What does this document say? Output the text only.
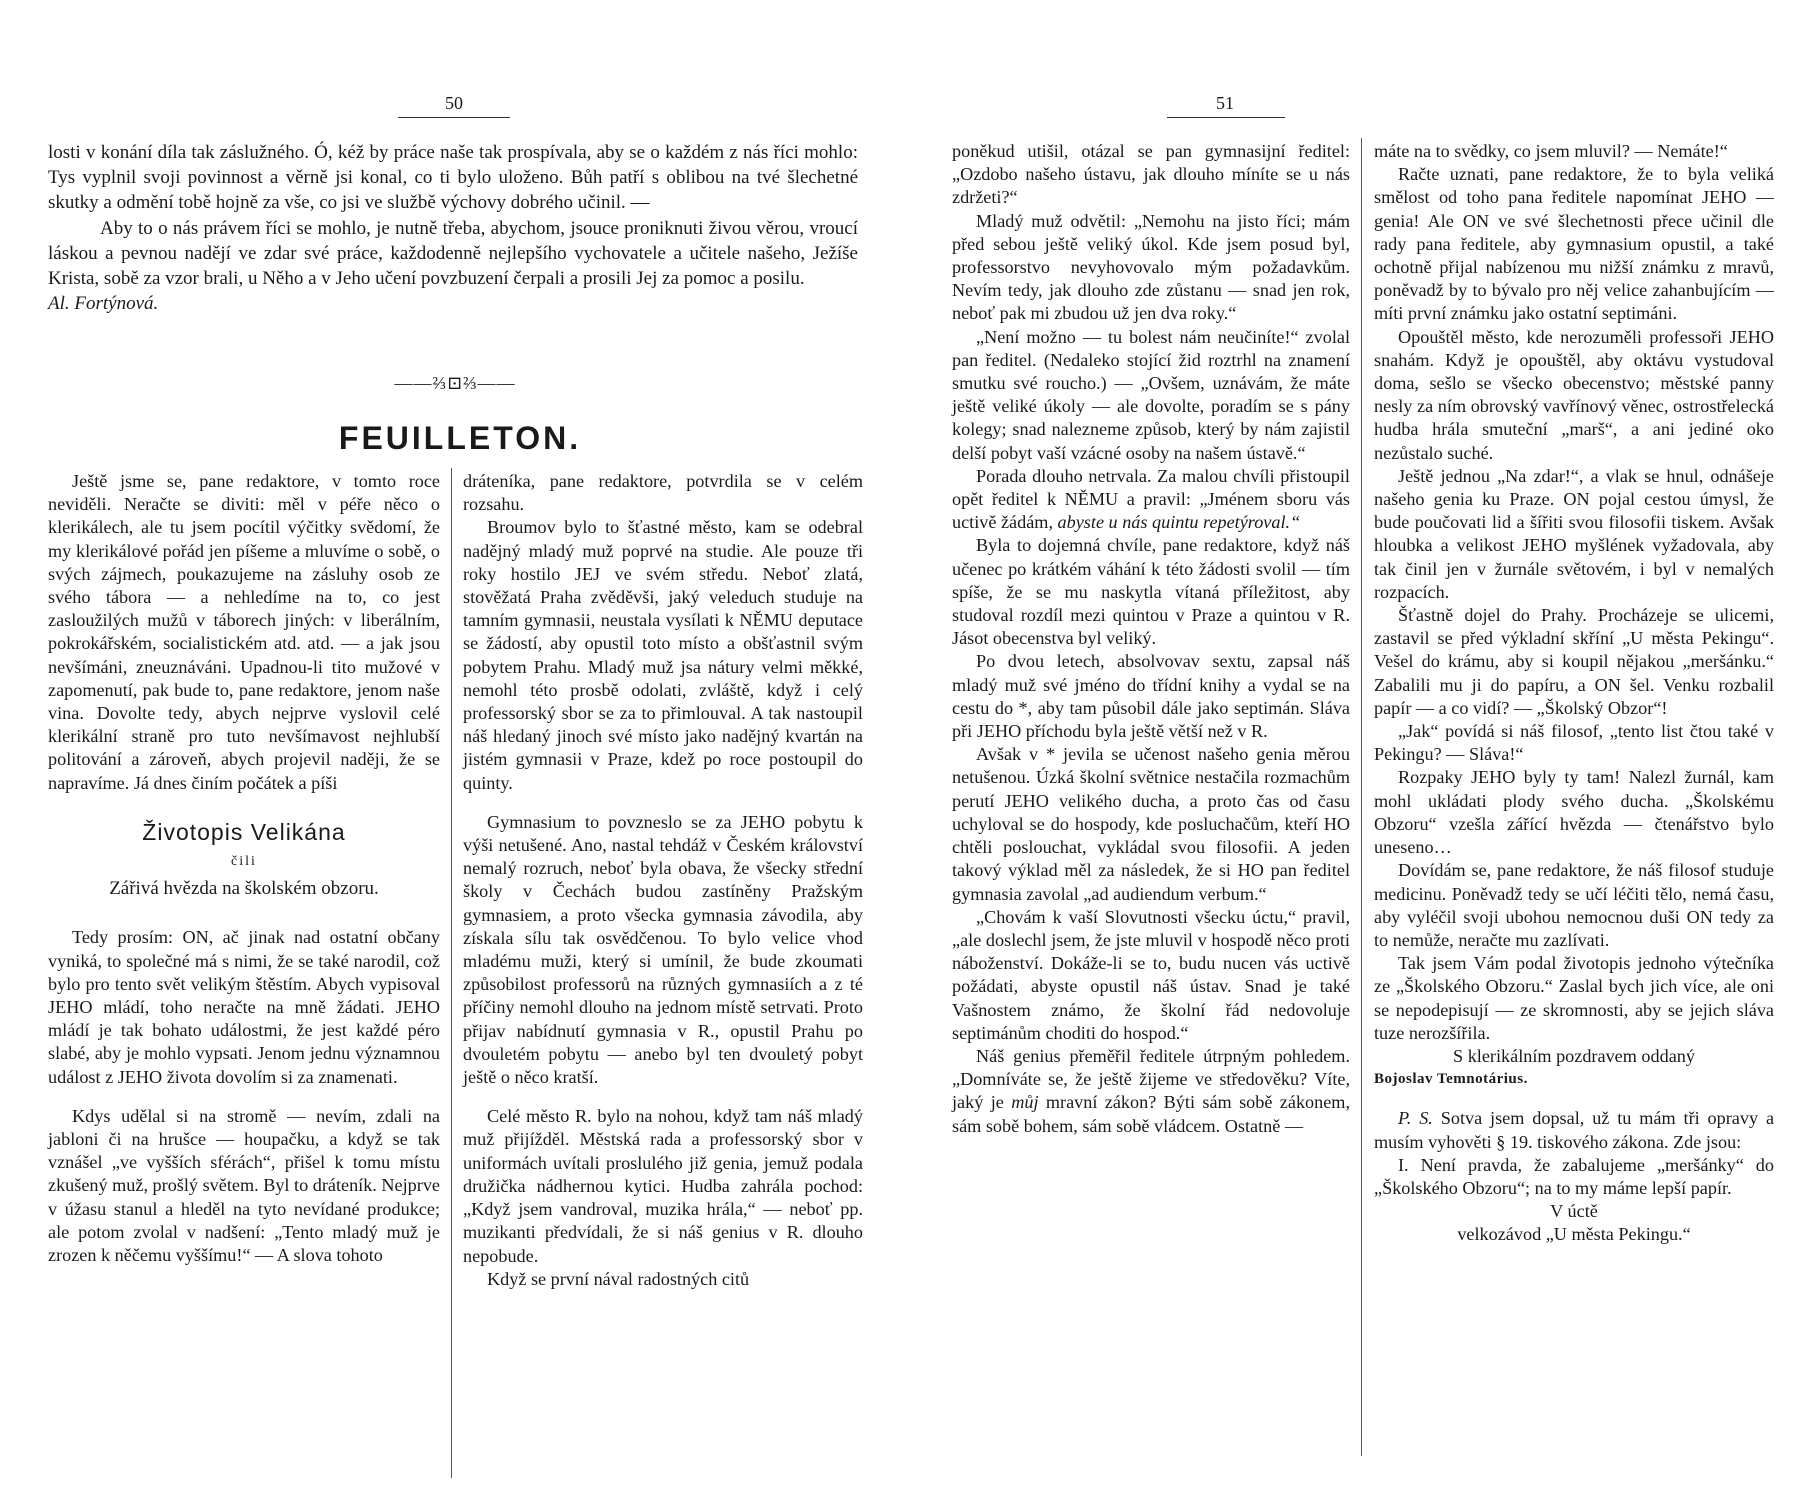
50

losti v konání díla tak záslužného. Ó, kéž by práce naše tak prospívala, aby se o každém z nás říci mohlo: Tys vyplnil svoji povinnost a věrně jsi konal, co ti bylo uloženo. Bůh patří s oblibou na tvé šlechetné skutky a odmění tobě hojně za vše, co jsi ve službě výchovy dobrého učinil. —

Aby to o nás právem říci se mohlo, je nutně třeba, abychom, jsouce proniknuti živou věrou, vroucí láskou a pevnou nadějí ve zdar své práce, každodenně nejlepšího vychovatele a učitele našeho, Ježíše Krista, sobě za vzor brali, u Něho a v Jeho učení povzbuzení čerpali a prosili Jej za pomoc a posilu.

Al. Fortýnová.

——⅔⊡⅔——
FEUILLETON.

Ještě jsme se, pane redaktore, v tomto roce neviděli. Neračte se diviti: měl v péře něco o klerikálech, ale tu jsem pocítil výčitky svědomí, že my klerikálové pořád jen píšeme a mluvíme o sobě, o svých zájmech, poukazujeme na zásluhy osob ze svého tábora — a nehledíme na to, co jest zasloužilých mužů v táborech jiných: v liberálním, pokrokářském, socialistickém atd. atd. — a jak jsou nevšímáni, zneuznáváni. Upadnou-li tito mužové v zapomenutí, pak bude to, pane redaktore, jenom naše vina. Dovolte tedy, abych nejprve vyslovil celé klerikální straně pro tuto nevšímavost nejhlubší politování a zároveň, abych projevil naději, že se napravíme. Já dnes činím počátek a píši

Životopis Velikána
čili
Zářivá hvězda na školském obzoru.

Tedy prosím: ON, ač jinak nad ostatní občany vyniká, to společné má s nimi, že se také narodil, což bylo pro tento svět velikým štěstím. Abych vypisoval JEHO mládí, toho neračte na mně žádati. JEHO mládí je tak bohato událostmi, že jest každé péro slabé, aby je mohlo vypsati. Jenom jednu významnou událost z JEHO života dovolím si za znamenati.

Kdys udělal si na stromě — nevím, zdali na jabloni či na hrušce — houpačku, a když se tak vznášel „ve vyšších sférách“, přišel k tomu místu zkušený muž, prošlý světem. Byl to dráteník. Nejprve v úžasu stanul a hleděl na tyto nevídané produkce; ale potom zvolal v nadšení: „Tento mladý muž je zrozen k něčemu vyššímu!“ — A slova tohoto

dráteníka, pane redaktore, potvrdila se v celém rozsahu.

Broumov bylo to šťastné město, kam se odebral nadějný mladý muž poprvé na studie. Ale pouze tři roky hostilo JEJ ve svém středu. Neboť zlatá, stověžatá Praha zvěděvši, jaký veleduch studuje na tamním gymnasii, neustala vysílati k NĚMU deputace se žádostí, aby opustil toto místo a obšťastnil svým pobytem Prahu. Mladý muž jsa nátury velmi měkké, nemohl této prosbě odolati, zvláště, když i celý professorský sbor se za to přimlouval. A tak nastoupil náš hledaný jinoch své místo jako nadějný kvartán na jistém gymnasii v Praze, kdež po roce postoupil do quinty.

Gymnasium to povzneslo se za JEHO pobytu k výši netušené. Ano, nastal tehdáž v Českém království nemalý rozruch, neboť byla obava, že všecky střední školy v Čechách budou zastíněny Pražským gymnasiem, a proto všecka gymnasia závodila, aby získala sílu tak osvědčenou. To bylo velice vhod mladému muži, který si umínil, že bude zkoumati způsobilost professorů na různých gymnasiích a z té příčiny nemohl dlouho na jednom místě setrvati. Proto přijav nabídnutí gymnasia v R., opustil Prahu po dvouletém pobytu — anebo byl ten dvouletý pobyt ještě o něco kratší.

Celé město R. bylo na nohou, když tam náš mladý muž přijížděl. Městská rada a professorský sbor v uniformách uvítali proslulého již genia, jemuž podala družička nádhernou kytici. Hudba zahrála pochod: „Když jsem vandroval, muzika hrála,“ — neboť pp. muzikanti předvídali, že si náš genius v R. dlouho nepobude.

Když se první nával radostných citů

51

poněkud utišil, otázal se pan gymnasijní ředitel: „Ozdobo našeho ústavu, jak dlouho míníte se u nás zdržeti?“

Mladý muž odvětil: „Nemohu na jisto říci; mám před sebou ještě veliký úkol. Kde jsem posud byl, professorstvo nevyhovovalo mým požadavkům. Nevím tedy, jak dlouho zde zůstanu — snad jen rok, neboť pak mi zbudou už jen dva roky.“

„Není možno — tu bolest nám neučiníte!“ zvolal pan ředitel. (Nedaleko stojící žid roztrhl na znamení smutku své roucho.) — „Ovšem, uznávám, že máte ještě veliké úkoly — ale dovolte, poradím se s pány kolegy; snad nalezneme způsob, který by nám zajistil delší pobyt vaší vzácné osoby na našem ústavě.“

Porada dlouho netrvala. Za malou chvíli přistoupil opět ředitel k NĚMU a pravil: „Jménem sboru vás uctivě žádám, abyste u nás quintu repetýroval.“

Byla to dojemná chvíle, pane redaktore, když náš učenec po krátkém váhání k této žádosti svolil — tím spíše, že se mu naskytla vítaná příležitost, aby studoval rozdíl mezi quintou v Praze a quintou v R. Jásot obecenstva byl veliký.

Po dvou letech, absolvovav sextu, zapsal náš mladý muž své jméno do třídní knihy a vydal se na cestu do *, aby tam působil dále jako septimán. Sláva při JEHO příchodu byla ještě větší než v R.

Avšak v * jevila se učenost našeho genia měrou netušenou. Úzká školní světnice nestačila rozmachům perutí JEHO velikého ducha, a proto čas od času uchyloval se do hospody, kde posluchačům, kteří HO chtěli poslouchat, vykládal svou filosofii. A jeden takový výklad měl za následek, že si HO pan ředitel gymnasia zavolal „ad audiendum verbum.“

„Chovám k vaší Slovutnosti všecku úctu,“ pravil, „ale doslechl jsem, že jste mluvil v hospodě něco proti náboženství. Dokáže-li se to, budu nucen vás uctivě požádati, abyste opustil náš ústav. Snad je také Vašnostem známo, že školní řád nedovoluje septimánům choditi do hospod.“

Náš genius přeměřil ředitele útrpným pohledem. „Domníváte se, že ještě žijeme ve středověku? Víte, jaký je můj mravní zákon? Býti sám sobě zákonem, sám sobě bohem, sám sobě vládcem. Ostatně —

máte na to svědky, co jsem mluvil? — Nemáte!“

Račte uznati, pane redaktore, že to byla veliká smělost od toho pana ředitele napomínat JEHO — genia! Ale ON ve své šlechetnosti přece učinil dle rady pana ředitele, aby gymnasium opustil, a také ochotně přijal nabízenou mu nižší známku z mravů, poněvadž by to bývalo pro něj velice zahanbujícím — míti první známku jako ostatní septimáni.

Opouštěl město, kde nerozuměli professoři JEHO snahám. Když je opouštěl, aby oktávu vystudoval doma, sešlo se všecko obecenstvo; městské panny nesly za ním obrovský vavřínový věnec, ostrostřelecká hudba hrála smuteční „marš“, a ani jediné oko nezůstalo suché.

Ještě jednou „Na zdar!“, a vlak se hnul, odnášeje našeho genia ku Praze. ON pojal cestou úmysl, že bude poučovati lid a šířiti svou filosofii tiskem. Avšak hloubka a velikost JEHO myšlének vyžadovala, aby tak činil jen v žurnále světovém, i byl v nemalých rozpacích.

Šťastně dojel do Prahy. Procházeje se ulicemi, zastavil se před výkladní skříní „U města Pekingu“. Vešel do krámu, aby si koupil nějakou „meršánku.“ Zabalili mu ji do papíru, a ON šel. Venku rozbalil papír — a co vidí? — „Školský Obzor“!

„Jak“ povídá si náš filosof, „tento list čtou také v Pekingu? — Sláva!“

Rozpaky JEHO byly ty tam! Nalezl žurnál, kam mohl ukládati plody svého ducha. „Školskému Obzoru“ vzešla zářící hvězda — čtenářstvo bylo uneseno…

Dovídám se, pane redaktore, že náš filosof studuje medicinu. Poněvadž tedy se učí léčiti tělo, nemá času, aby vyléčil svoji ubohou nemocnou duši ON tedy za to nemůže, neračte mu zazlívati.

Tak jsem Vám podal životopis jednoho výtečníka ze „Školského Obzoru.“ Zaslal bych jich více, ale oni se nepodepisují — ze skromnosti, aby se jejich sláva tuze nerozšířila.

S klerikálním pozdravem oddaný

Bojoslav Temnotárius.

P. S. Sotva jsem dopsal, už tu mám tři opravy a musím vyhověti § 19. tiskového zákona. Zde jsou:

I. Není pravda, že zabalujeme „meršánky“ do „Školského Obzoru“; na to my máme lepší papír.

V úctě

velkozávod „U města Pekingu.“
